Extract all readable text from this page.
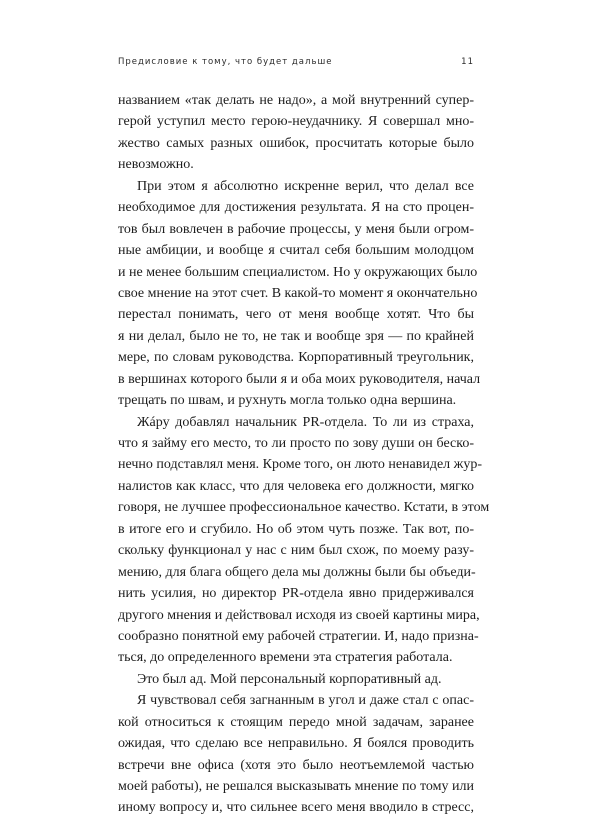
Предисловие к тому, что будет дальше	11
названием «так делать не надо», а мой внутренний супер-
герой уступил место герою-неудачнику. Я совершал мно-
жество самых разных ошибок, просчитать которые было
невозможно.
При этом я абсолютно искренне верил, что делал все
необходимое для достижения результата. Я на сто процен-
тов был вовлечен в рабочие процессы, у меня были огром-
ные амбиции, и вообще я считал себя большим молодцом
и не менее большим специалистом. Но у окружающих было
свое мнение на этот счет. В какой-то момент я окончательно
перестал понимать, чего от меня вообще хотят. Что бы
я ни делал, было не то, не так и вообще зря — по крайней
мере, по словам руководства. Корпоративный треугольник,
в вершинах которого были я и оба моих руководителя, начал
трещать по швам, и рухнуть могла только одна вершина.
Жáру добавлял начальник PR-отдела. То ли из страха,
что я займу его место, то ли просто по зову души он беско-
нечно подставлял меня. Кроме того, он люто ненавидел жур-
налистов как класс, что для человека его должности, мягко
говоря, не лучшее профессиональное качество. Кстати, в этом
в итоге его и сгубило. Но об этом чуть позже. Так вот, по-
скольку функционал у нас с ним был схож, по моему разу-
мению, для блага общего дела мы должны были бы объеди-
нить усилия, но директор PR-отдела явно придерживался
другого мнения и действовал исходя из своей картины мира,
сообразно понятной ему рабочей стратегии. И, надо призна-
ться, до определенного времени эта стратегия работала.
Это был ад. Мой персональный корпоративный ад.
Я чувствовал себя загнанным в угол и даже стал с опас-
кой относиться к стоящим передо мной задачам, заранее
ожидая, что сделаю все неправильно. Я боялся проводить
встречи вне офиса (хотя это было неотъемлемой частью
моей работы), не решался высказывать мнение по тому или
иному вопросу и, что сильнее всего меня вводило в стресс,
